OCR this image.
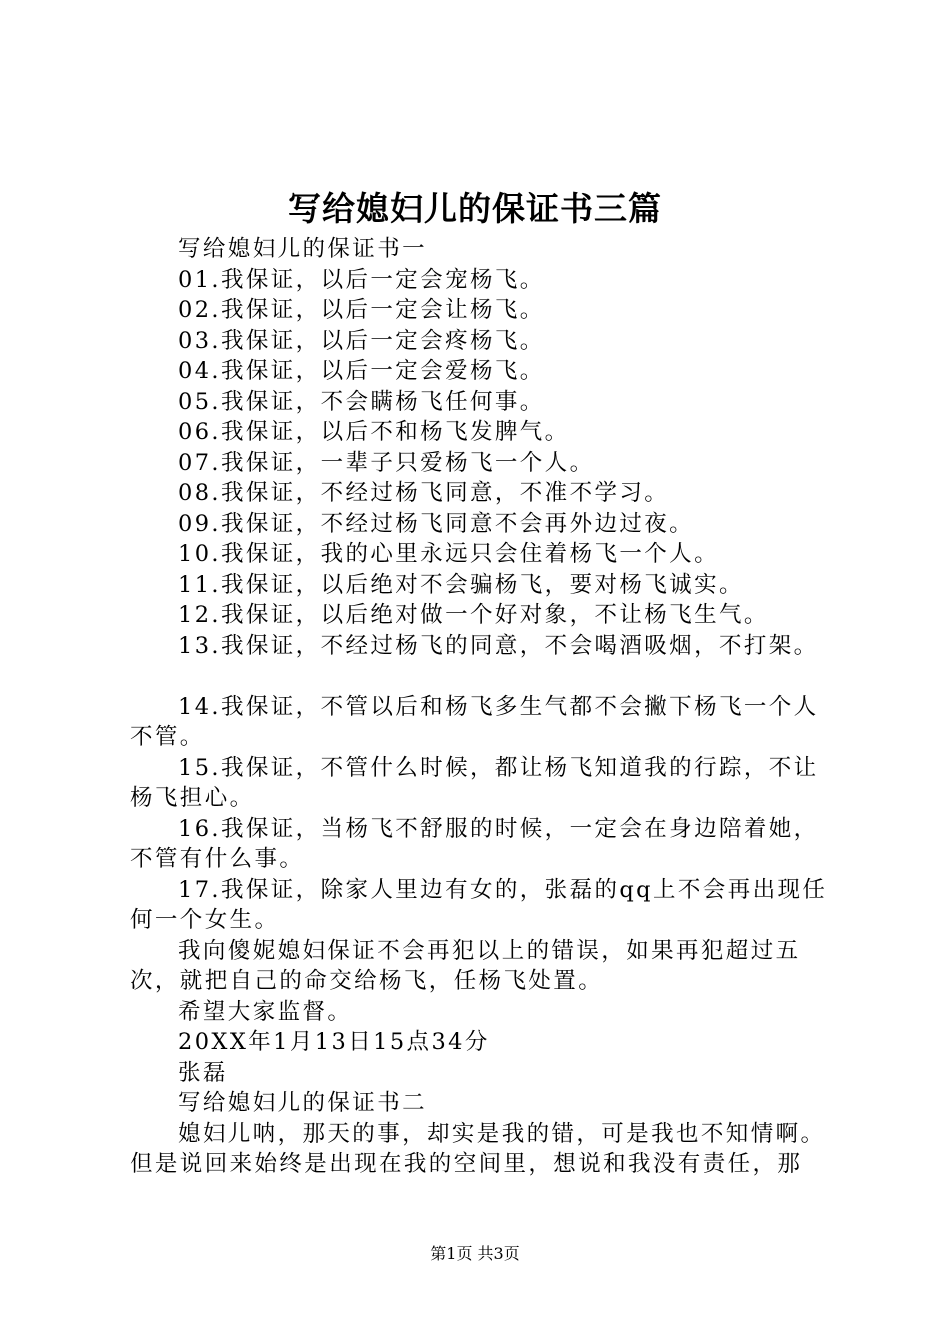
写给媳妇儿的保证书三篇

写给媳妇儿的保证书一

01.我保证，以后一定会宠杨飞。

02.我保证，以后一定会让杨飞。

03.我保证，以后一定会疼杨飞。

04.我保证，以后一定会爱杨飞。

05.我保证，不会瞒杨飞任何事。

06.我保证，以后不和杨飞发脾气。

07.我保证，一辈子只爱杨飞一个人。

08.我保证，不经过杨飞同意，不准不学习。

09.我保证，不经过杨飞同意不会再外边过夜。

10.我保证，我的心里永远只会住着杨飞一个人。

11.我保证，以后绝对不会骗杨飞，要对杨飞诚实。

12.我保证，以后绝对做一个好对象，不让杨飞生气。

13.我保证，不经过杨飞的同意，不会喝酒吸烟，不打架。

14.我保证，不管以后和杨飞多生气都不会撇下杨飞一个人不管。

15.我保证，不管什么时候，都让杨飞知道我的行踪，不让杨飞担心。

16.我保证，当杨飞不舒服的时候，一定会在身边陪着她，不管有什么事。

17.我保证，除家人里边有女的，张磊的qq上不会再出现任何一个女生。

我向傻妮媳妇保证不会再犯以上的错误，如果再犯超过五次，就把自己的命交给杨飞，任杨飞处置。

希望大家监督。

20XX年1月13日15点34分

张磊

写给媳妇儿的保证书二

媳妇儿呐，那天的事，却实是我的错，可是我也不知情啊。但是说回来始终是出现在我的空间里，想说和我没有责任，那

第1页 共3页
